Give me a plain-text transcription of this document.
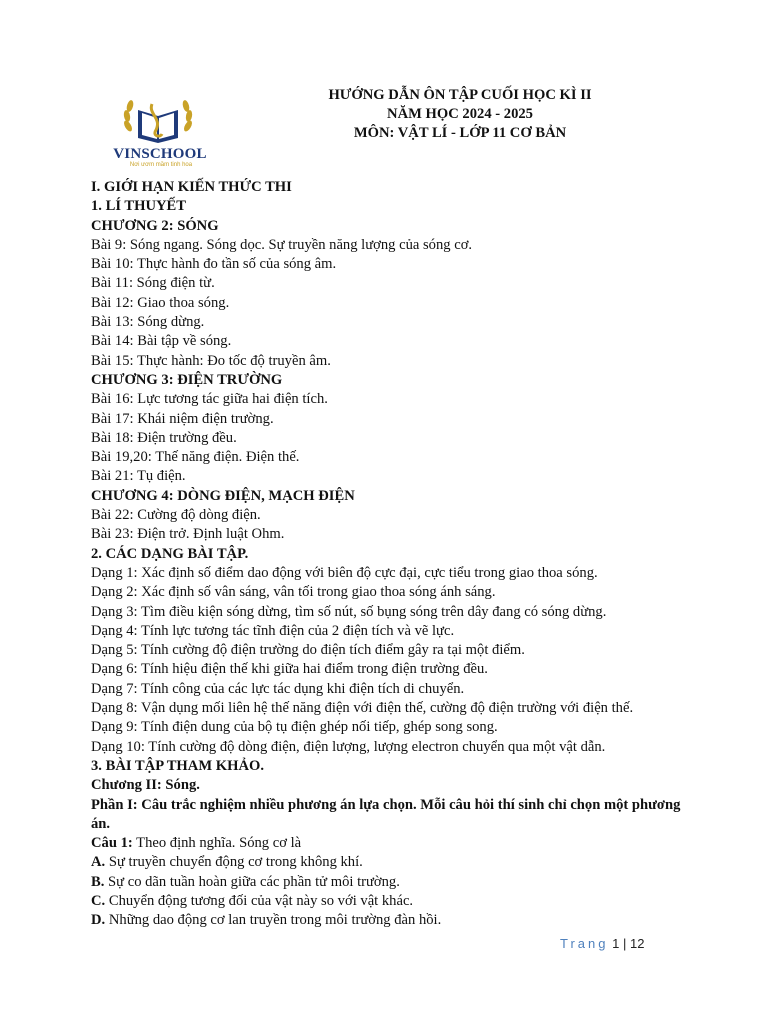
VINSCHOOL
Nơi ươm mầm tinh hoa
HƯỚNG DẪN ÔN TẬP CUỐI HỌC KÌ II
NĂM HỌC 2024 - 2025
MÔN: VẬT LÍ - LỚP 11 CƠ BẢN
I. GIỚI HẠN KIẾN THỨC THI
1. LÍ THUYẾT
CHƯƠNG 2: SÓNG
Bài 9: Sóng ngang. Sóng dọc. Sự truyền năng lượng của sóng cơ.
Bài 10: Thực hành đo tần số của sóng âm.
Bài 11: Sóng điện từ.
Bài 12: Giao thoa sóng.
Bài 13: Sóng dừng.
Bài 14: Bài tập về sóng.
Bài 15: Thực hành: Đo tốc độ truyền âm.
CHƯƠNG 3: ĐIỆN TRƯỜNG
Bài 16: Lực tương tác giữa hai điện tích.
Bài 17: Khái niệm điện trường.
Bài 18: Điện trường đều.
Bài 19,20: Thế năng điện. Điện thế.
Bài 21: Tụ điện.
CHƯƠNG 4: DÒNG ĐIỆN, MẠCH ĐIỆN
Bài 22: Cường độ dòng điện.
Bài 23: Điện trở. Định luật Ohm.
2. CÁC DẠNG BÀI TẬP.
Dạng 1: Xác định số điểm dao động với biên độ cực đại, cực tiểu trong giao thoa sóng.
Dạng 2: Xác định số vân sáng, vân tối trong giao thoa sóng ánh sáng.
Dạng 3: Tìm điều kiện sóng dừng, tìm số nút, số bụng sóng trên dây đang có sóng dừng.
Dạng 4: Tính lực tương tác tĩnh điện của 2 điện tích và vẽ lực.
Dạng 5: Tính cường độ điện trường do điện tích điểm gây ra tại một điểm.
Dạng 6: Tính hiệu điện thế khi giữa hai điểm trong điện trường đều.
Dạng 7: Tính công của các lực tác dụng khi điện tích di chuyển.
Dạng 8: Vận dụng mối liên hệ thế năng điện với điện thế, cường độ điện trường với điện thế.
Dạng 9: Tính điện dung của bộ tụ điện ghép nối tiếp, ghép song song.
Dạng 10: Tính cường độ dòng điện, điện lượng, lượng electron chuyển qua một vật dẫn.
3. BÀI TẬP THAM KHẢO.
Chương II: Sóng.
Phần I: Câu trắc nghiệm nhiều phương án lựa chọn. Mỗi câu hỏi thí sinh chỉ chọn một phương án.
Câu 1: Theo định nghĩa. Sóng cơ là
A. Sự truyền chuyển động cơ trong không khí.
B. Sự co dãn tuần hoàn giữa các phần tử môi trường.
C. Chuyển động tương đối của vật này so với vật khác.
D. Những dao động cơ lan truyền trong môi trường đàn hồi.
Trang 1 | 12
